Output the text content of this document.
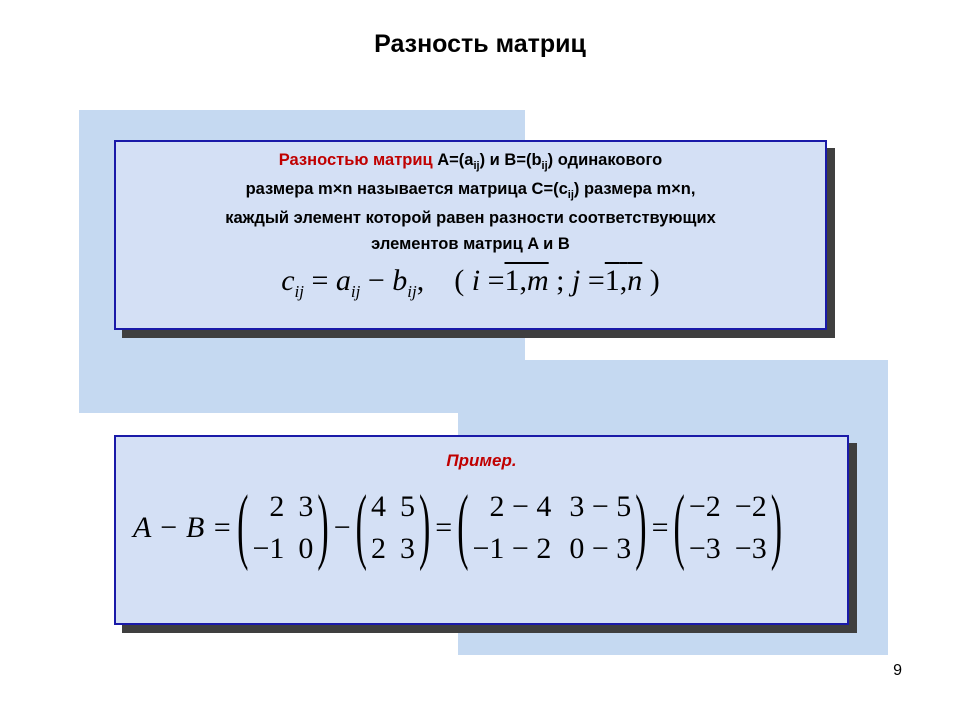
Разность матриц
Разностью матриц $A=(a_{ij})$ и $B=(b_{ij})$ одинакового
размера m×n называется матрица $C=(c_{ij})$ размера m×n,
каждый элемент которой равен разности соответствующих
элементов матриц A и B
$c_{ij} = a_{ij} - b_{ij}$, ( i =1,m ; j =1,n )
Пример.
A − B = ( 2 3
−1 0 ) − ( 4 5
2 3 ) = ( 2 − 4 3 − 5
−1 − 2 0 − 3 ) = ( −2 −2
−3 −3 )
9
